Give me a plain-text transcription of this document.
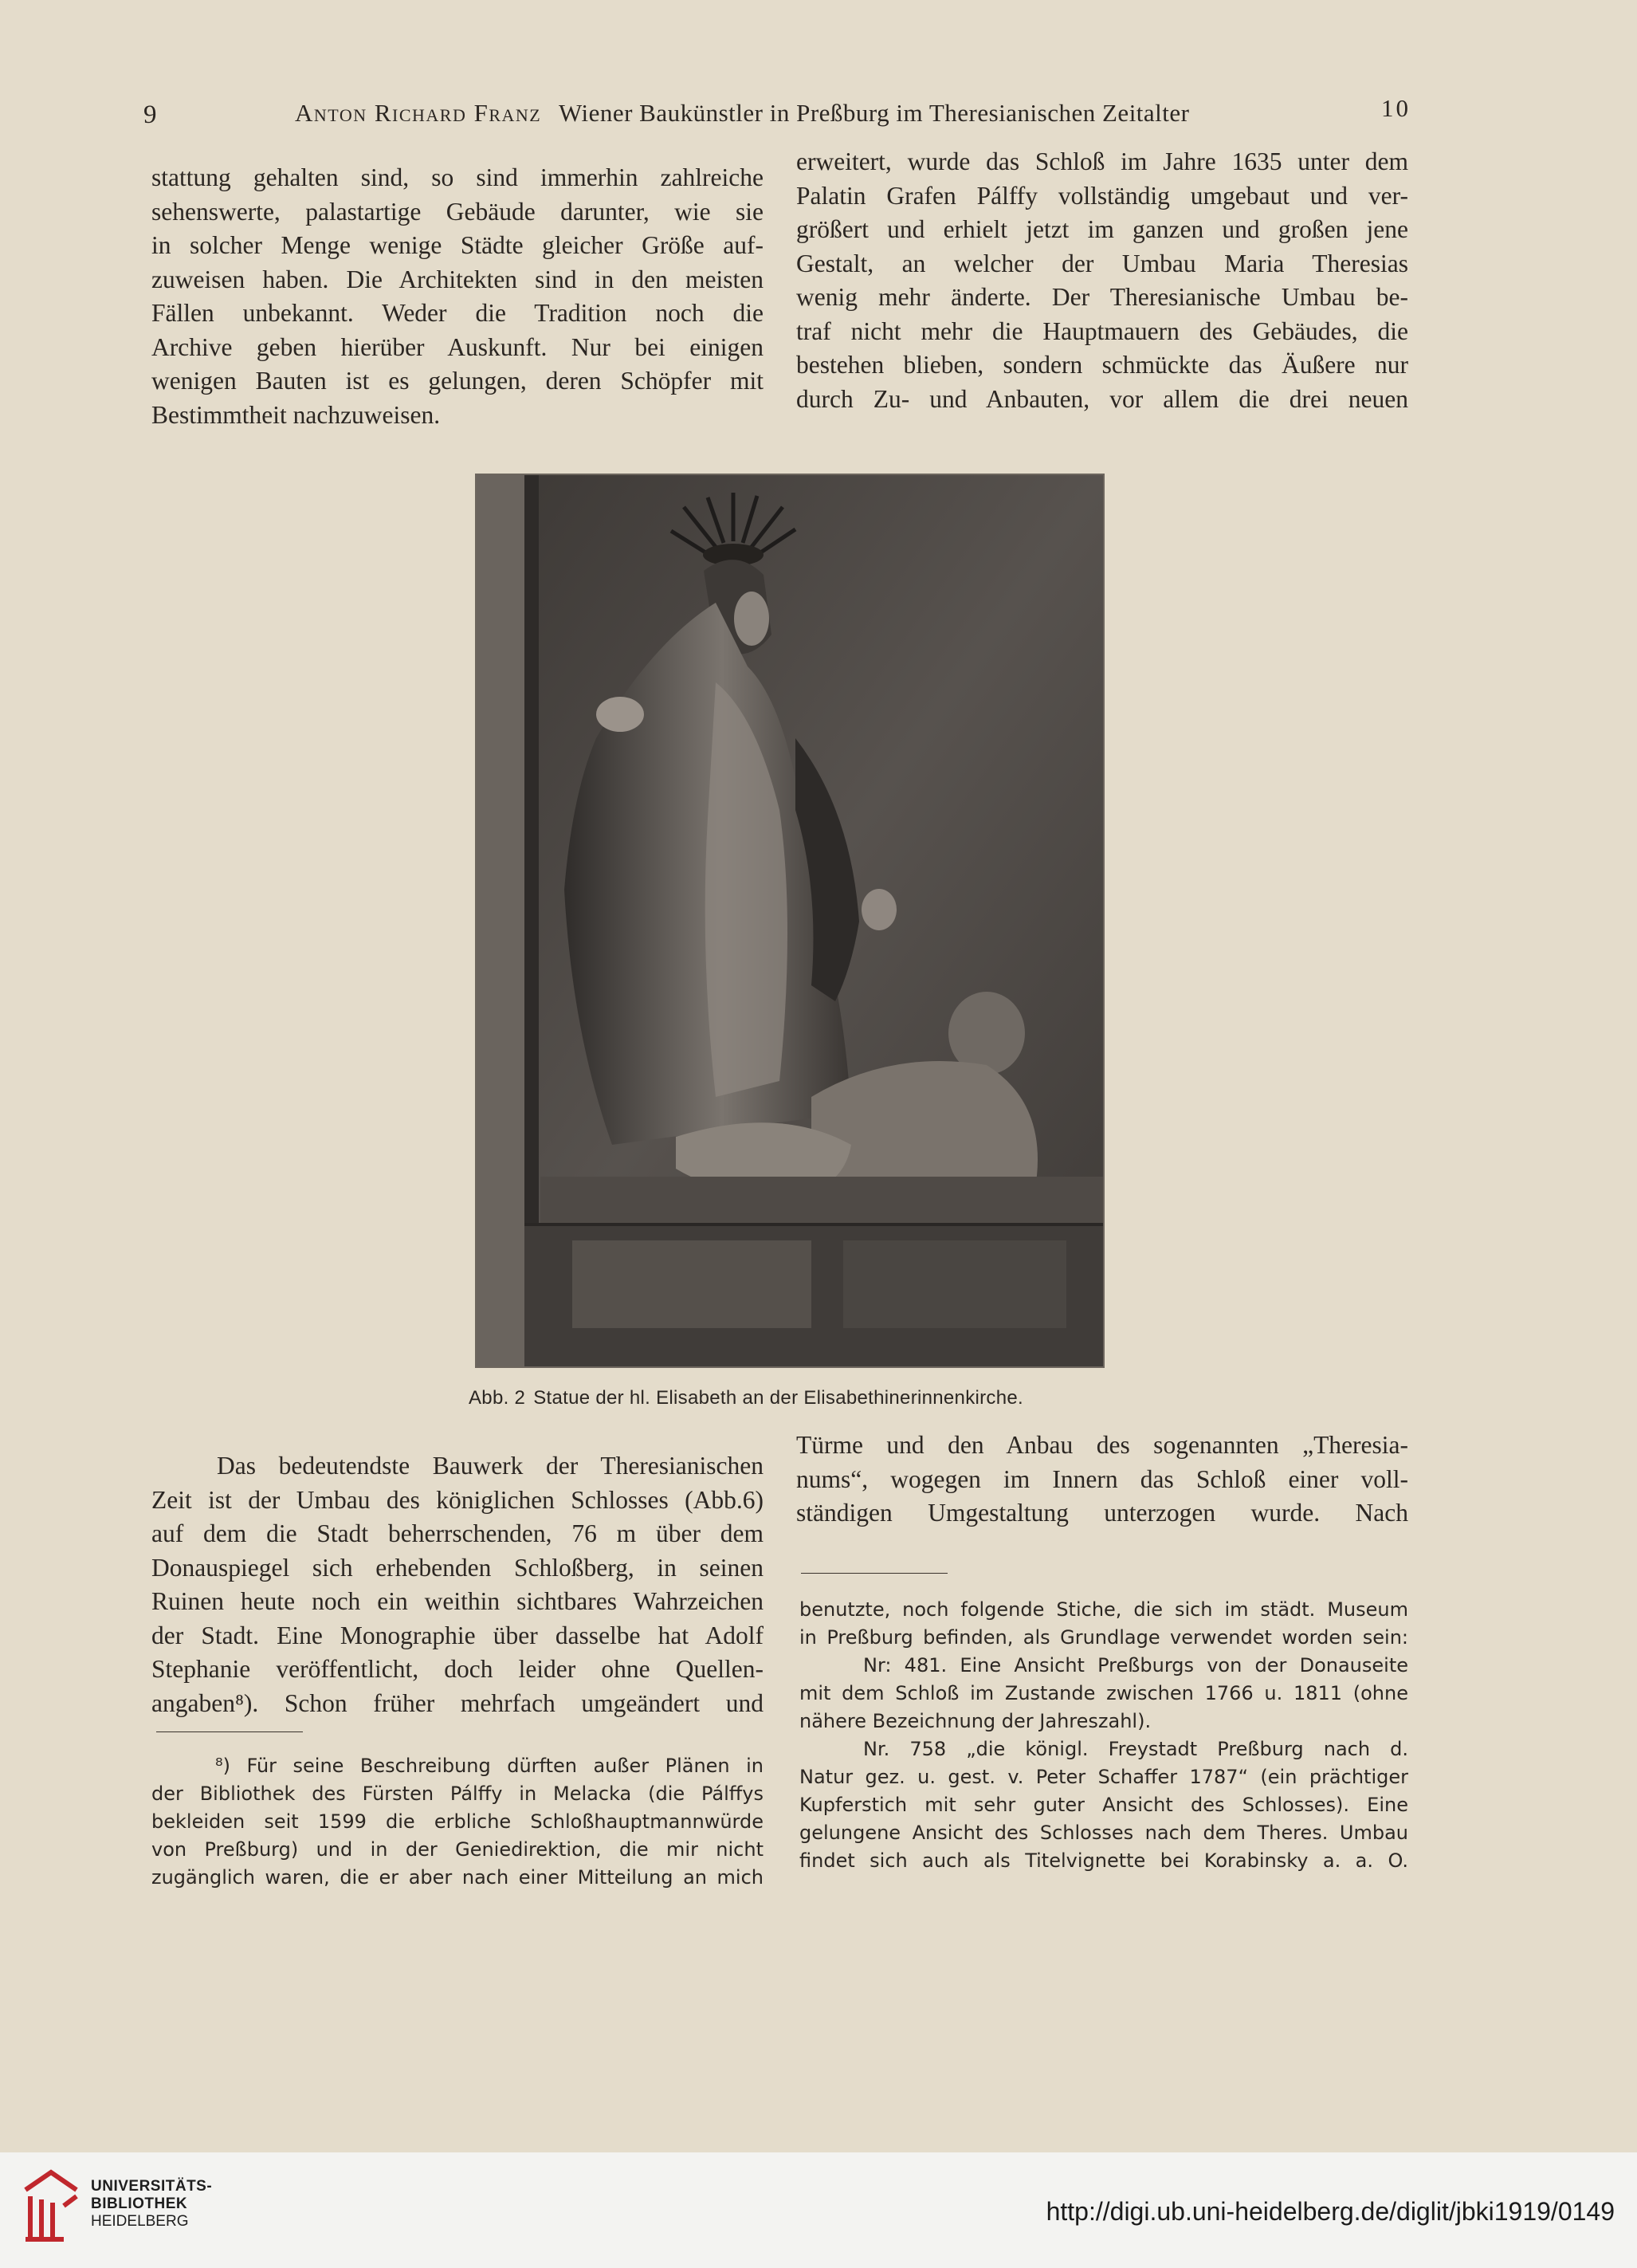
9	Anton Richard Franz Wiener Baukünstler in Preßburg im Theresianischen Zeitalter	10

stattung gehalten sind, so sind immerhin zahlreiche

sehenswerte, palastartige Gebäude darunter, wie sie

in solcher Menge wenige Städte gleicher Größe auf-

zuweisen haben. Die Architekten sind in den meisten

Fällen unbekannt. Weder die Tradition noch die

Archive geben hierüber Auskunft. Nur bei einigen

wenigen Bauten ist es gelungen, deren Schöpfer mit

Bestimmtheit nachzuweisen.

erweitert, wurde das Schloß im Jahre 1635 unter dem

Palatin Grafen Pálffy vollständig umgebaut und ver-

größert und erhielt jetzt im ganzen und großen jene

Gestalt, an welcher der Umbau Maria Theresias

wenig mehr änderte. Der Theresianische Umbau be-

traf nicht mehr die Hauptmauern des Gebäudes, die

bestehen blieben, sondern schmückte das Äußere nur

durch Zu- und Anbauten, vor allem die drei neuen

Abb. 2 Statue der hl. Elisabeth an der Elisabethinerinnenkirche.

Das bedeutendste Bauwerk der Theresianischen

Zeit ist der Umbau des königlichen Schlosses (Abb.6)

auf dem die Stadt beherrschenden, 76 m über dem

Donauspiegel sich erhebenden Schloßberg, in seinen

Ruinen heute noch ein weithin sichtbares Wahrzeichen

der Stadt. Eine Monographie über dasselbe hat Adolf

Stephanie veröffentlicht, doch leider ohne Quellen-

angaben⁸). Schon früher mehrfach umgeändert und

Türme und den Anbau des sogenannten „Theresia-

nums“, wogegen im Innern das Schloß einer voll-

ständigen Umgestaltung unterzogen wurde. Nach

⁸) Für seine Beschreibung dürften außer Plänen in

der Bibliothek des Fürsten Pálffy in Melacka (die Pálffys

bekleiden seit 1599 die erbliche Schloßhauptmannwürde

von Preßburg) und in der Geniedirektion, die mir nicht

zugänglich waren, die er aber nach einer Mitteilung an mich

benutzte, noch folgende Stiche, die sich im städt. Museum

in Preßburg befinden, als Grundlage verwendet worden sein:

Nr: 481. Eine Ansicht Preßburgs von der Donauseite

mit dem Schloß im Zustande zwischen 1766 u. 1811 (ohne

nähere Bezeichnung der Jahreszahl).

Nr. 758 „die königl. Freystadt Preßburg nach d.

Natur gez. u. gest. v. Peter Schaffer 1787“ (ein prächtiger

Kupferstich mit sehr guter Ansicht des Schlosses). Eine

gelungene Ansicht des Schlosses nach dem Theres. Umbau

findet sich auch als Titelvignette bei Korabinsky a. a. O.

UNIVERSITÄTS-
BIBLIOTHEK
HEIDELBERG	http://digi.ub.uni-heidelberg.de/diglit/jbki1919/0149
